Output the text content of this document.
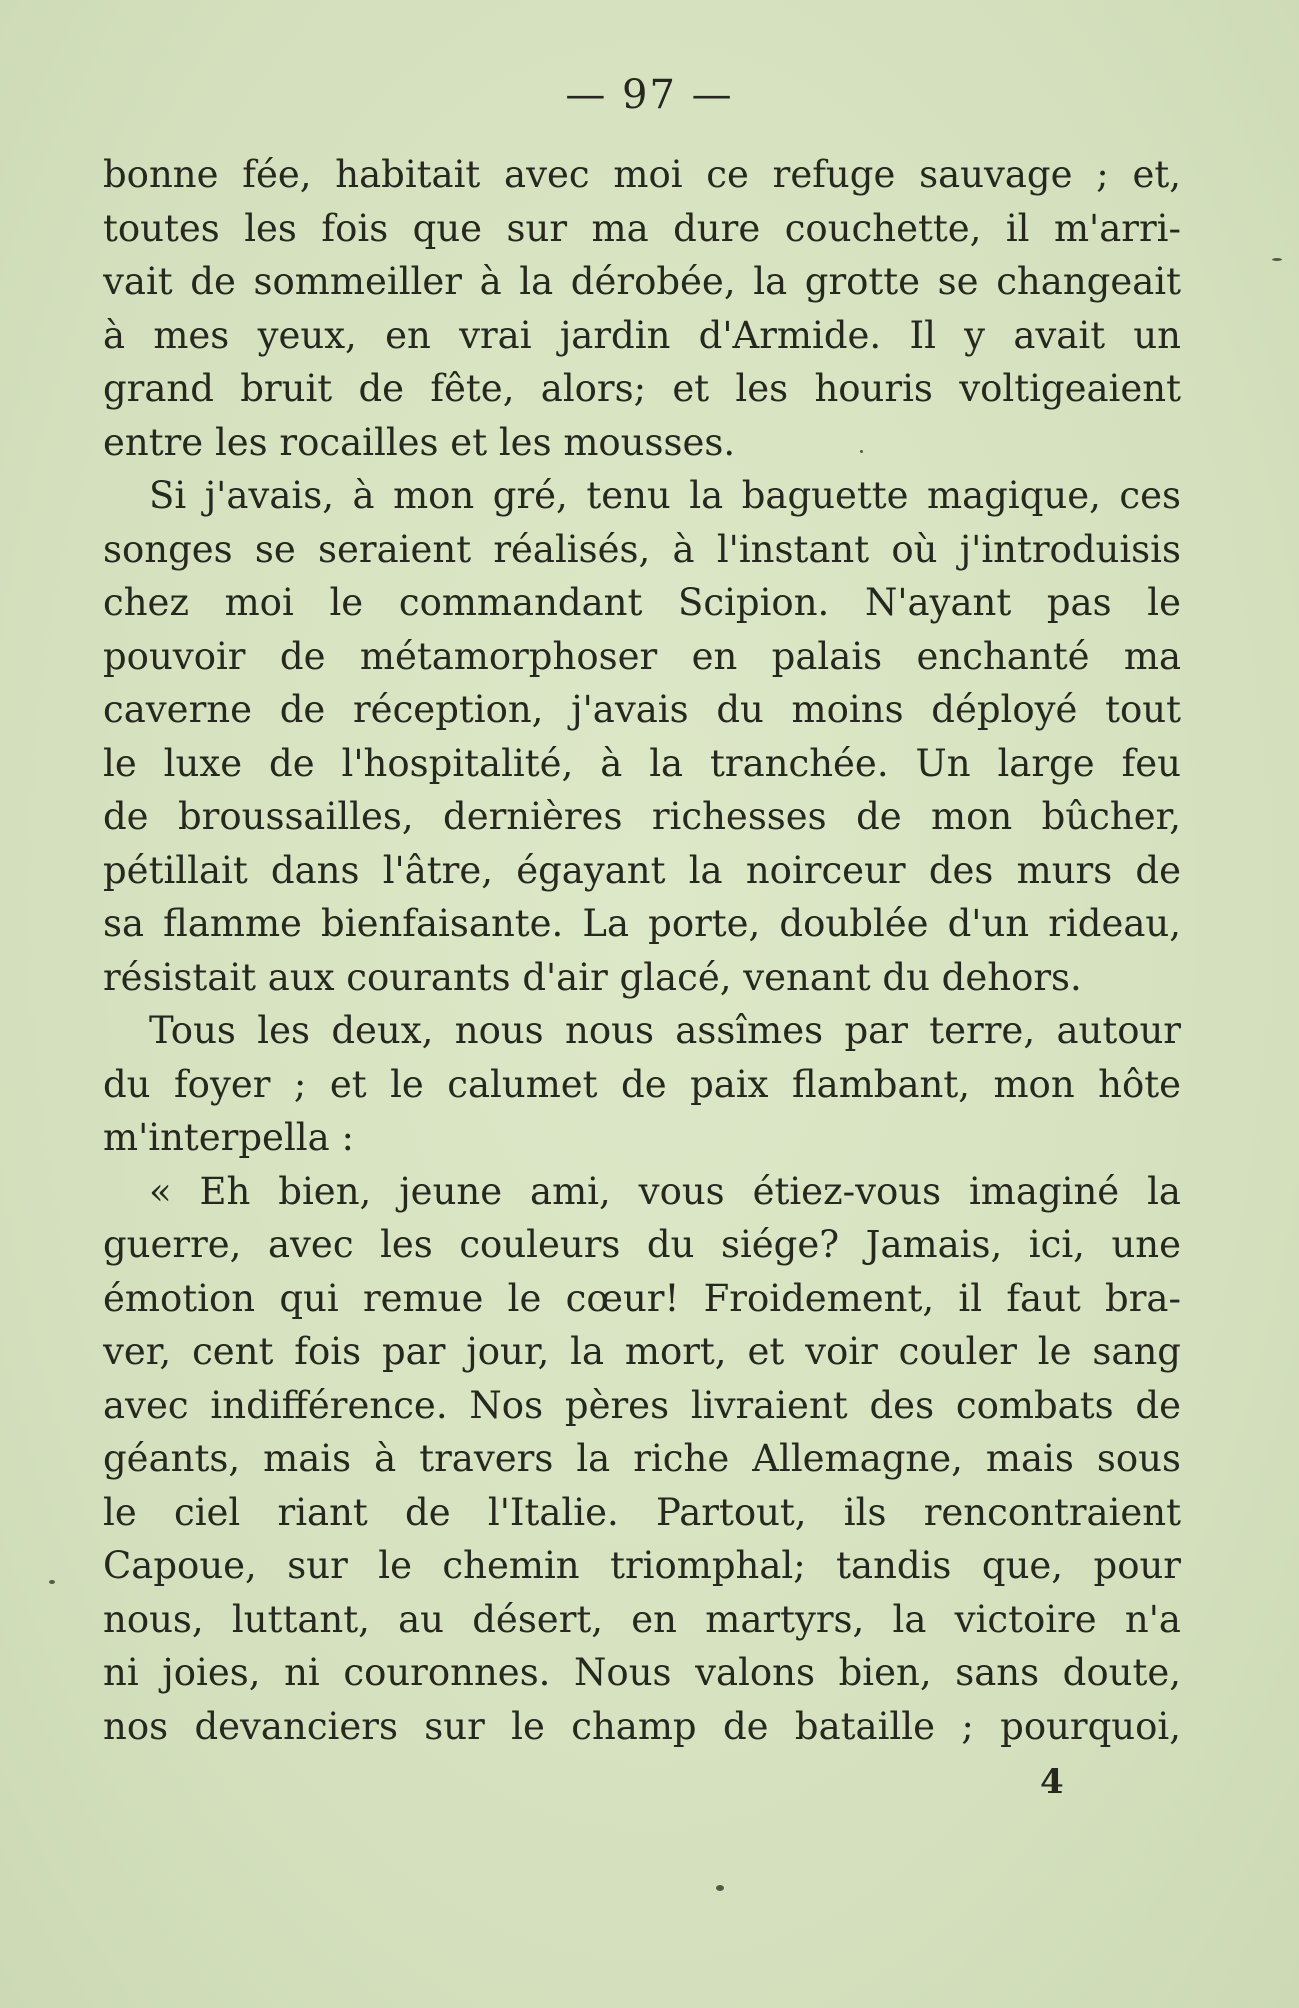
— 97 —
bonne fée, habitait avec moi ce refuge sauvage ; et,
toutes les fois que sur ma dure couchette, il m'arri-
vait de sommeiller à la dérobée, la grotte se changeait
à mes yeux, en vrai jardin d'Armide. Il y avait un
grand bruit de fête, alors; et les houris voltigeaient
entre les rocailles et les mousses.
Si j'avais, à mon gré, tenu la baguette magique, ces
songes se seraient réalisés, à l'instant où j'introduisis
chez moi le commandant Scipion. N'ayant pas le
pouvoir de métamorphoser en palais enchanté ma
caverne de réception, j'avais du moins déployé tout
le luxe de l'hospitalité, à la tranchée. Un large feu
de broussailles, dernières richesses de mon bûcher,
pétillait dans l'âtre, égayant la noirceur des murs de
sa flamme bienfaisante. La porte, doublée d'un rideau,
résistait aux courants d'air glacé, venant du dehors.
Tous les deux, nous nous assîmes par terre, autour
du foyer ; et le calumet de paix flambant, mon hôte
m'interpella :
« Eh bien, jeune ami, vous étiez-vous imaginé la
guerre, avec les couleurs du siége? Jamais, ici, une
émotion qui remue le cœur! Froidement, il faut bra-
ver, cent fois par jour, la mort, et voir couler le sang
avec indifférence. Nos pères livraient des combats de
géants, mais à travers la riche Allemagne, mais sous
le ciel riant de l'Italie. Partout, ils rencontraient
Capoue, sur le chemin triomphal; tandis que, pour
nous, luttant, au désert, en martyrs, la victoire n'a
ni joies, ni couronnes. Nous valons bien, sans doute,
nos devanciers sur le champ de bataille ; pourquoi,
4
